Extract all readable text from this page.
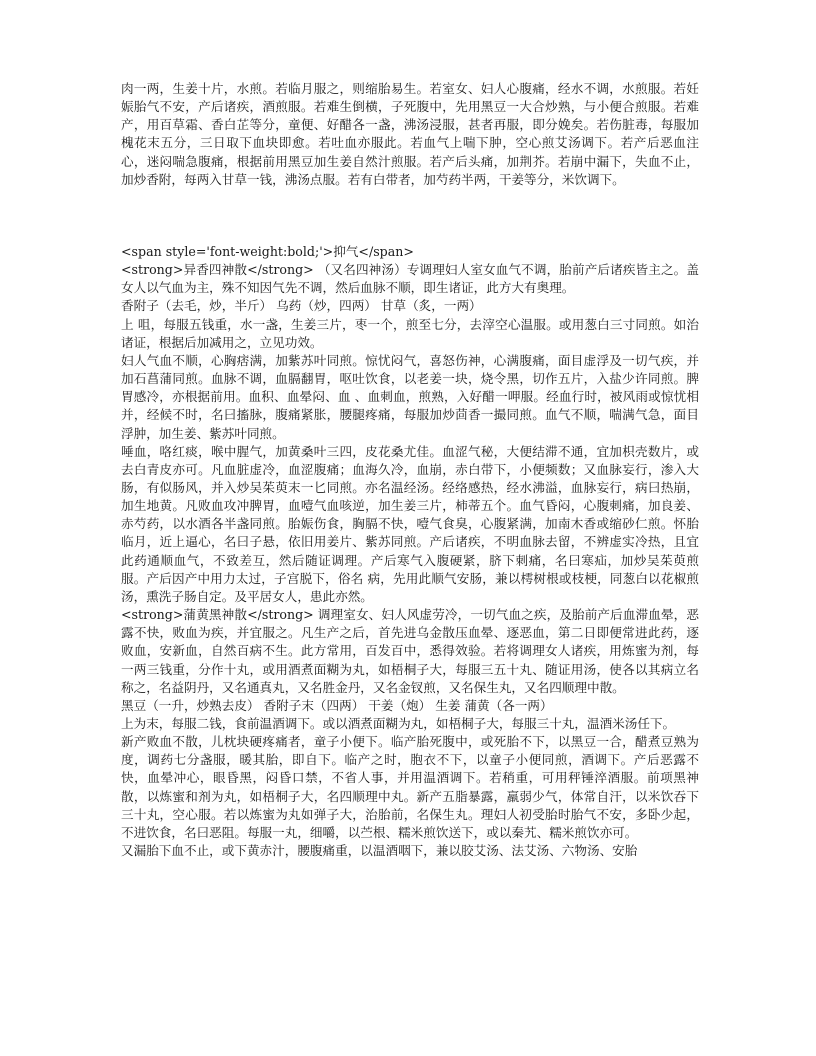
肉一两，生姜十片，水煎。若临月服之，则缩胎易生。若室女、妇人心腹痛，经水不调，水煎服。若妊娠胎气不安，产后诸疾，酒煎服。若难生倒横，子死腹中，先用黑豆一大合炒熟，与小便合煎服。若难产，用百草霜、香白芷等分，童便、好醋各一盏，沸汤浸服，甚者再服，即分娩矣。若伤脏毒，每服加槐花末五分，三日取下血块即愈。若吐血亦服此。若血气上喘下肿，空心煎艾汤调下。若产后恶血注心，迷闷喘急腹痛，根据前用黑豆加生姜自然汁煎服。若产后头痛，加荆芥。若崩中漏下，失血不止，加炒香附，每两入甘草一钱，沸汤点服。若有白带者，加芍药半两，干姜等分，米饮调下。

<span style='font-weight:bold;'>抑气</span>

<strong>异香四神散</strong> （又名四神汤）专调理妇人室女血气不调，胎前产后诸疾皆主之。盖女人以气血为主，殊不知因气先不调，然后血脉不顺，即生诸证，此方大有奥理。

香附子（去毛，炒，半斤） 乌药（炒，四两） 甘草（炙，一两）

上 咀，每服五钱重，水一盏，生姜三片，枣一个，煎至七分，去滓空心温服。或用葱白三寸同煎。如治诸证，根据后加减用之，立见功效。

妇人气血不顺，心胸痞满，加紫苏叶同煎。惊忧闷气，喜怒伤神，心满腹痛，面目虚浮及一切气疾，并加石菖蒲同煎。血脉不调，血膈翻胃，呕吐饮食，以老姜一块，烧令黑，切作五片，入盐少许同煎。脾胃感冷，亦根据前用。血积、血晕闷、血 、血刺血，煎熟，入好醋一呷服。经血行时，被风雨或惊忧相并，经候不时，名曰搐脉，腹痛紧胀，腰腿疼痛，每服加炒茴香一撮同煎。血气不顺，喘满气急，面目浮肿，加生姜、紫苏叶同煎。

唾血，咯红痰，喉中腥气，加黄桑叶三四，皮花桑尤佳。血涩气秘，大便结滞不通，宜加枳壳数片，或去白青皮亦可。凡血脏虚冷，血涩腹痛；血海久冷，血崩，赤白带下，小便频数；又血脉妄行，渗入大肠，有似肠风，并入炒吴茱萸末一匕同煎。亦名温经汤。经络感热，经水沸溢，血脉妄行，病曰热崩，加生地黄。凡败血攻冲脾胃，血噎气血咳逆，加生姜三片，柿蒂五个。血气昏闷，心腹刺痛，加良姜、赤芍药，以水酒各半盏同煎。胎娠伤食，胸膈不快，噎气食臭，心腹紧满，加南木香或缩砂仁煎。怀胎临月，近上逼心，名曰子悬，依旧用姜片、紫苏同煎。产后诸疾，不明血脉去留，不辨虚实冷热，且宜此药通顺血气，不致差互，然后随证调理。产后寒气入腹硬紧，脐下刺痛，名曰寒疝，加炒吴茱萸煎服。产后因产中用力太过，子宫脱下，俗名 病，先用此顺气安肠，兼以樗树根或枝梗，同葱白以花椒煎汤，熏洗子肠自定。及平居女人，患此亦然。

<strong>蒲黄黑神散</strong> 调理室女、妇人风虚劳冷，一切气血之疾，及胎前产后血滞血晕，恶露不快，败血为疾，并宜服之。凡生产之后，首先进乌金散压血晕、逐恶血，第二日即便常进此药，逐败血，安新血，自然百病不生。此方常用，百发百中，悉得效验。若将调理女人诸疾，用炼蜜为剂，每一两三钱重，分作十丸，或用酒煮面糊为丸，如梧桐子大，每服三五十丸、随证用汤，使各以其病立名称之，名益阴丹，又名通真丸，又名胜金丹，又名金钗煎，又名保生丸，又名四顺理中散。

黑豆（一升，炒熟去皮） 香附子末（四两） 干姜（炮） 生姜 蒲黄（各一两）

上为末，每服二钱，食前温酒调下。或以酒煮面糊为丸，如梧桐子大，每服三十丸，温酒米汤任下。

新产败血不散，儿枕块硬疼痛者，童子小便下。临产胎死腹中，或死胎不下，以黑豆一合，醋煮豆熟为度，调药七分盏服，暖其胎，即自下。临产之时，胞衣不下，以童子小便同煎，酒调下。产后恶露不快，血晕冲心，眼昏黑，闷昏口禁，不省人事，并用温酒调下。若稍重，可用秤锤淬酒服。前项黑神散，以炼蜜和剂为丸，如梧桐子大，名四顺理中丸。新产五脂暴露，羸弱少气，体常自汗，以米饮吞下三十丸，空心服。若以炼蜜为丸如弹子大，治胎前，名保生丸。理妇人初受胎时胎气不安，多卧少起，不进饮食，名曰恶阻。每服一丸，细嚼，以苎根、糯米煎饮送下，或以秦艽、糯米煎饮亦可。

又漏胎下血不止，或下黄赤汁，腰腹痛重，以温酒咽下，兼以胶艾汤、法艾汤、六物汤、安胎
